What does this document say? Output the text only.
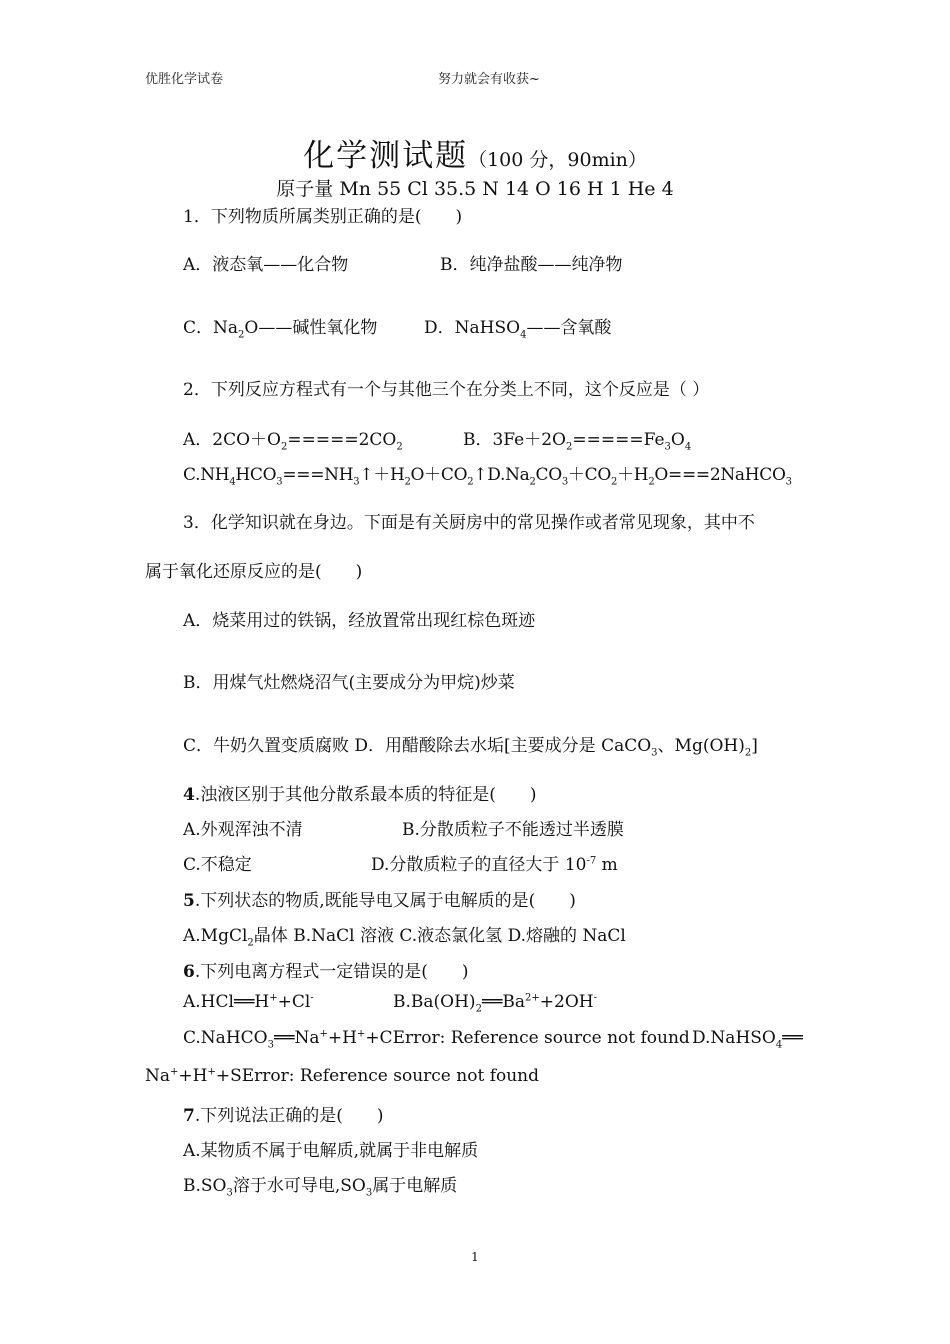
优胜化学试卷	努力就会有收获~
化学测试题（100 分，90min）
原子量 Mn 55 Cl 35.5 N 14 O 16 H 1 He 4
1．下列物质所属类别正确的是(　　)
A．液态氧——化合物	B．纯净盐酸——纯净物
C．$Na_2O——$碱性氧化物	D．NaHSO$_4$——含氧酸
2．下列反应方程式有一个与其他三个在分类上不同，这个反应是（ ）
A．$2CO+O_2=====2CO_2$	B．$3Fe+2O_2=====Fe_3O_4$
$C.NH_4HCO_3===NH_3↑+H_2O+CO_2↑D.Na_2CO_3+CO_2+H_2O===2NaHCO_3$
3．化学知识就在身边。下面是有关厨房中的常见操作或者常见现象，其中不
属于氧化还原反应的是(　　)
A．烧菜用过的铁锅，经放置常出现红棕色斑迹
B．用煤气灶燃烧沼气(主要成分为甲烷)炒菜
C．牛奶久置变质腐败 D．用醋酸除去水垢[主要成分是 CaCO$_3$、$Mg(OH)_2$]
4.浊液区别于其他分散系最本质的特征是(　　)
A.外观浑浊不清	B.分散质粒子不能透过半透膜
C.不稳定	D.分散质粒子的直径大于 $10^{-7}$ m
5.下列状态的物质,既能导电又属于电解质的是(　　)
A.MgCl$_2$晶体 B.NaCl 溶液 C.液态氯化氢 D.熔融的 NaCl
6.下列电离方程式一定错误的是(　　)
A.HCl══H++Cl-	$B.Ba(OH)_2══Ba^{2+}+2OH^-$
C.NaHCO$_3$══Na++H++CError: Reference source not found D.NaHSO$_4$══
Na++H++SError: Reference source not found
7.下列说法正确的是(　　)
A.某物质不属于电解质,就属于非电解质
$B.SO_3$溶于水可导电$,SO_3$属于电解质
1
